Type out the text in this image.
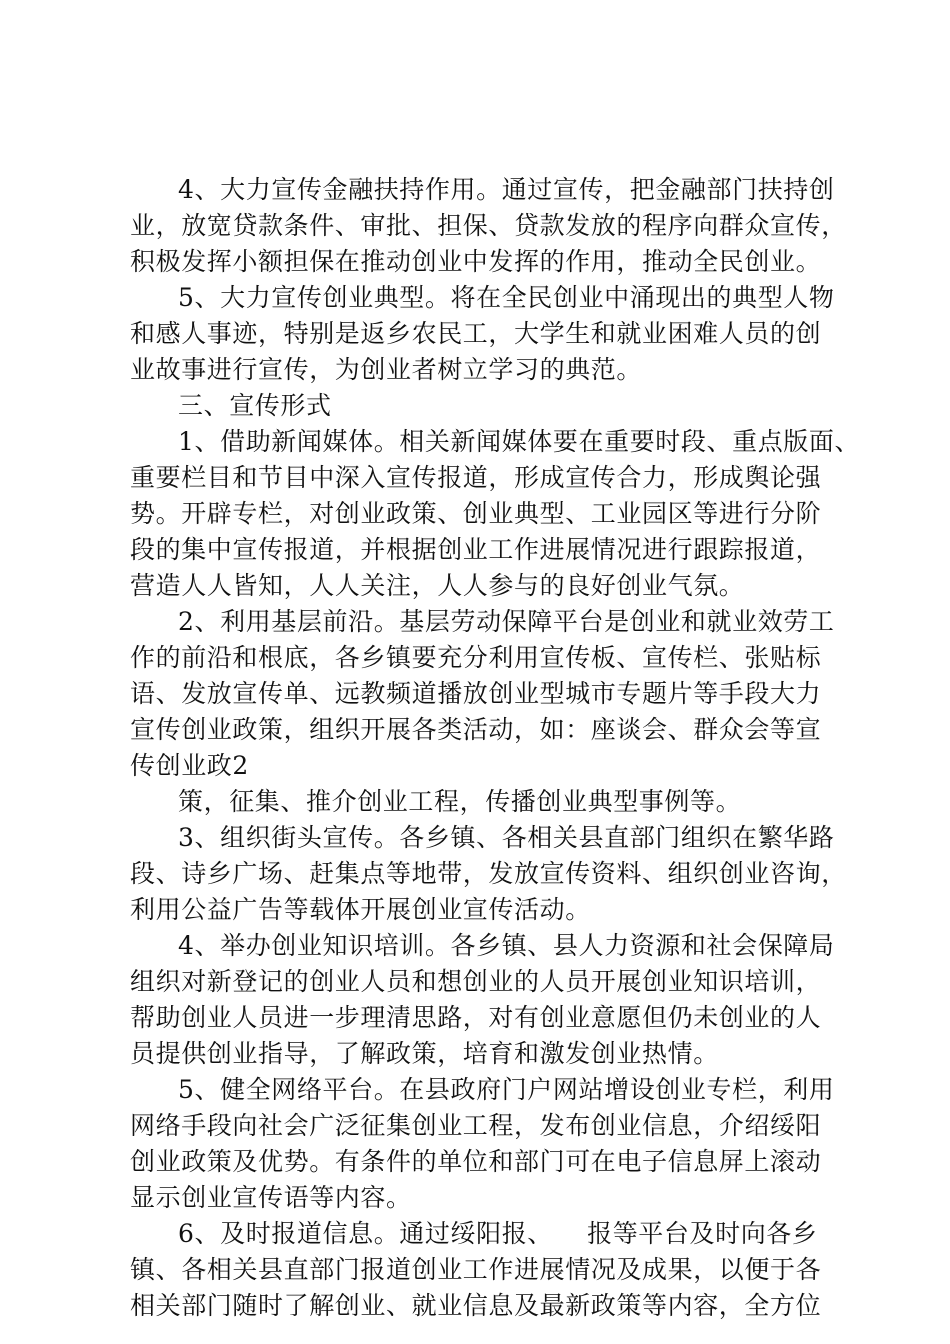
4、大力宣传金融扶持作用。通过宣传，把金融部门扶持创
业，放宽贷款条件、审批、担保、贷款发放的程序向群众宣传，
积极发挥小额担保在推动创业中发挥的作用，推动全民创业。
5、大力宣传创业典型。将在全民创业中涌现出的典型人物
和感人事迹，特别是返乡农民工，大学生和就业困难人员的创
业故事进行宣传，为创业者树立学习的典范。
三、宣传形式
1、借助新闻媒体。相关新闻媒体要在重要时段、重点版面、
重要栏目和节目中深入宣传报道，形成宣传合力，形成舆论强
势。开辟专栏，对创业政策、创业典型、工业园区等进行分阶
段的集中宣传报道，并根据创业工作进展情况进行跟踪报道，
营造人人皆知，人人关注，人人参与的良好创业气氛。
2、利用基层前沿。基层劳动保障平台是创业和就业效劳工
作的前沿和根底，各乡镇要充分利用宣传板、宣传栏、张贴标
语、发放宣传单、远教频道播放创业型城市专题片等手段大力
宣传创业政策，组织开展各类活动，如：座谈会、群众会等宣
传创业政2
策，征集、推介创业工程，传播创业典型事例等。
3、组织街头宣传。各乡镇、各相关县直部门组织在繁华路
段、诗乡广场、赶集点等地带，发放宣传资料、组织创业咨询，
利用公益广告等载体开展创业宣传活动。
4、举办创业知识培训。各乡镇、县人力资源和社会保障局
组织对新登记的创业人员和想创业的人员开展创业知识培训，
帮助创业人员进一步理清思路，对有创业意愿但仍未创业的人
员提供创业指导，了解政策，培育和激发创业热情。
5、健全网络平台。在县政府门户网站增设创业专栏，利用
网络手段向社会广泛征集创业工程，发布创业信息，介绍绥阳
创业政策及优势。有条件的单位和部门可在电子信息屏上滚动
显示创业宣传语等内容。
6、及时报道信息。通过绥阳报、    报等平台及时向各乡
镇、各相关县直部门报道创业工作进展情况及成果，以便于各
相关部门随时了解创业、就业信息及最新政策等内容，全方位
